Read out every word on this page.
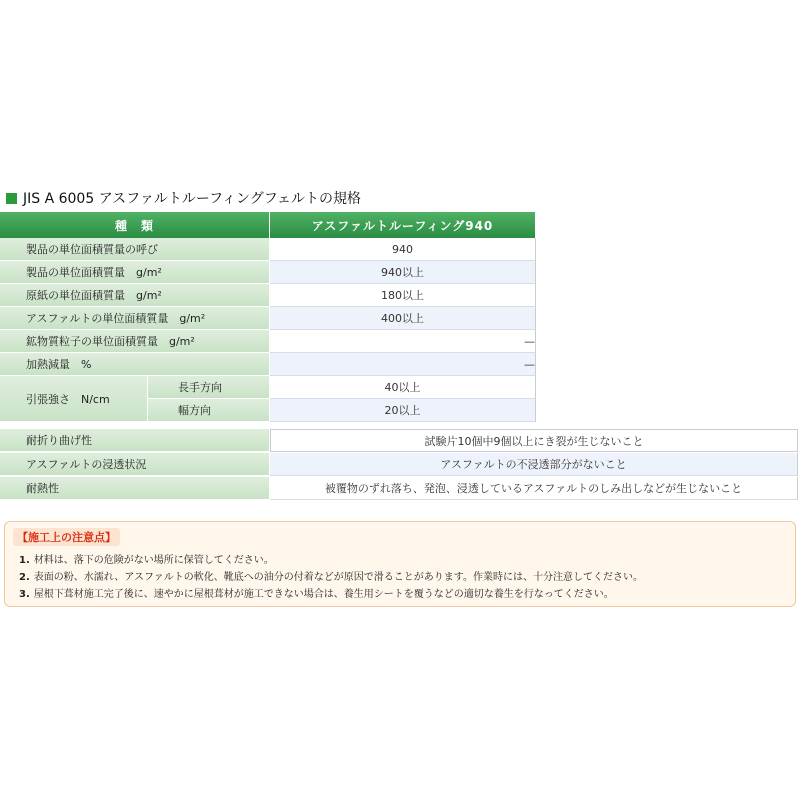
JIS A 6005 アスファルトルーフィングフェルトの規格
種　類	アスファルトルーフィング940
製品の単位面積質量の呼び	940
製品の単位面積質量　g/m²	940以上
原紙の単位面積質量　g/m²	180以上
アスファルトの単位面積質量　g/m²	400以上
鉱物質粒子の単位面積質量　g/m²	—
加熱減量　%	—
引張強さ　N/cm
長手方向	40以上
幅方向	20以上
耐折り曲げ性	試験片10個中9個以上にき裂が生じないこと
アスファルトの浸透状況	アスファルトの不浸透部分がないこと
耐熱性	被覆物のずれ落ち、発泡、浸透しているアスファルトのしみ出しなどが生じないこと
【施工上の注意点】
1. 材料は、落下の危険がない場所に保管してください。
2. 表面の粉、水濡れ、アスファルトの軟化、靴底への油分の付着などが原因で滑ることがあります。作業時には、十分注意してください。
3. 屋根下葺材施工完了後に、速やかに屋根葺材が施工できない場合は、養生用シートを覆うなどの適切な養生を行なってください。
